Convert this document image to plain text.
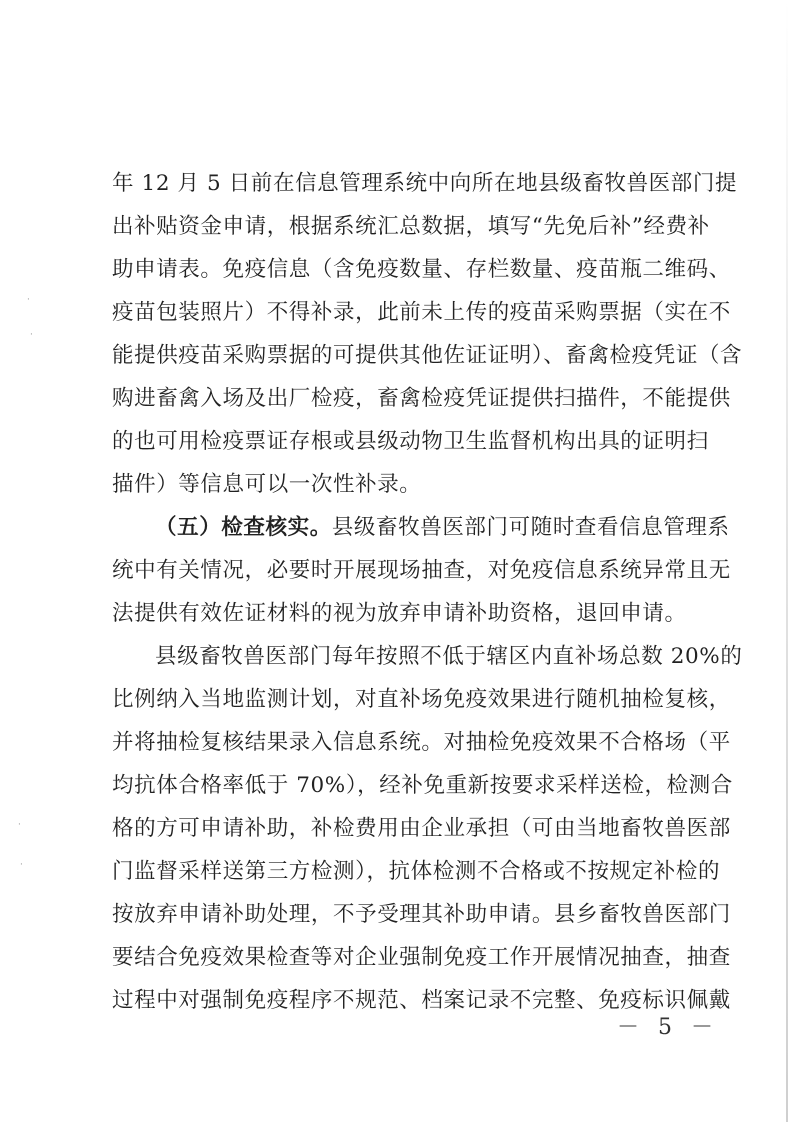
·
·
·
·
年 12 月 5 日前在信息管理系统中向所在地县级畜牧兽医部门提
出补贴资金申请，根据系统汇总数据，填写“先免后补”经费补
助申请表。免疫信息（含免疫数量、存栏数量、疫苗瓶二维码、
疫苗包装照片）不得补录，此前未上传的疫苗采购票据（实在不
能提供疫苗采购票据的可提供其他佐证证明）、畜禽检疫凭证（含
购进畜禽入场及出厂检疫，畜禽检疫凭证提供扫描件，不能提供
的也可用检疫票证存根或县级动物卫生监督机构出具的证明扫
描件）等信息可以一次性补录。
（五）检查核实。县级畜牧兽医部门可随时查看信息管理系
统中有关情况，必要时开展现场抽查，对免疫信息系统异常且无
法提供有效佐证材料的视为放弃申请补助资格，退回申请。
县级畜牧兽医部门每年按照不低于辖区内直补场总数 20%的
比例纳入当地监测计划，对直补场免疫效果进行随机抽检复核，
并将抽检复核结果录入信息系统。对抽检免疫效果不合格场（平
均抗体合格率低于 70%），经补免重新按要求采样送检，检测合
格的方可申请补助，补检费用由企业承担（可由当地畜牧兽医部
门监督采样送第三方检测），抗体检测不合格或不按规定补检的
按放弃申请补助处理，不予受理其补助申请。县乡畜牧兽医部门
要结合免疫效果检查等对企业强制免疫工作开展情况抽查，抽查
过程中对强制免疫程序不规范、档案记录不完整、免疫标识佩戴
－ 5 －
